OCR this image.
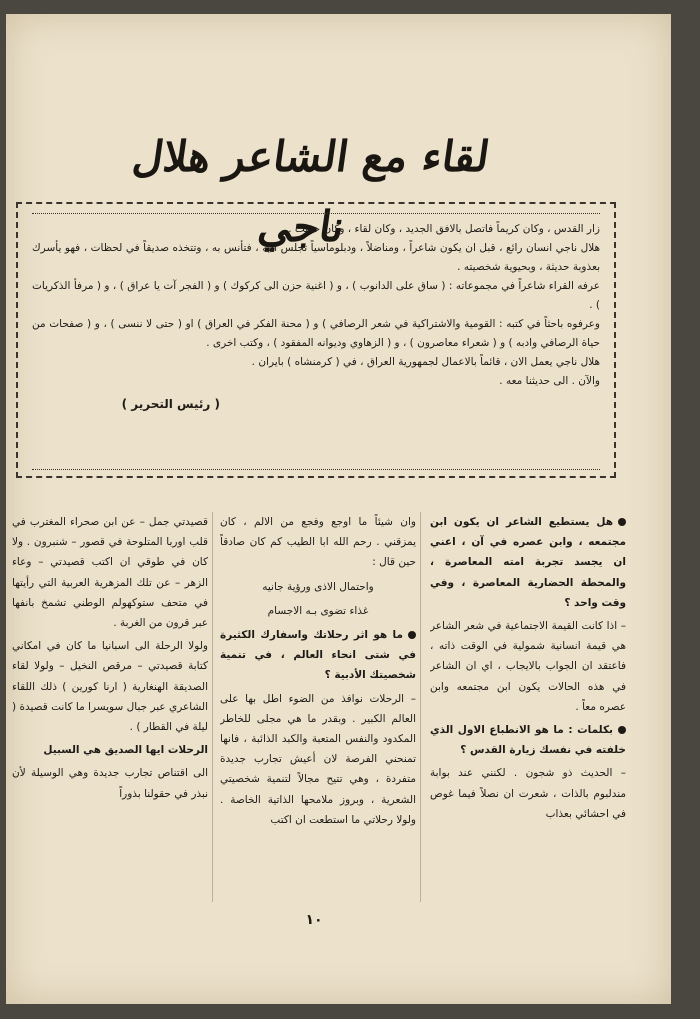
لقاء مع الشاعر هلال ناجي

زار القدس ، وكان كريماً فاتصل بالافق الجديد ، وكان لقاء ، وكان حديث .

هلال ناجي انسان رائع ، قبل ان يكون شاعراً ، ومناضلاً ، ودبلوماسياً تجلس اليه ، فتأنس به ، وتتخذه صديقاً في لحظات ، فهو يأسرك بعذوبة حديثة ، وبحيوية شخصيته .

عرفه القراء شاعراً في مجموعاته : ( ساق على الدانوب ) ، و ( اغنية حزن الى كركوك ) و ( الفجر آت يا عراق ) ، و ( مرفأ الذكريات ) .

وعرفوه باحثاً في كتبه : القومية والاشتراكية في شعر الرصافي ) و ( محنة الفكر في العراق ) او ( حتى لا ننسى ) ، و ( صفحات من حياة الرصافي وادبه ) و ( شعراء معاصرون ) ، و ( الزهاوي وديوانه المفقود ) ، وكتب اخرى .

هلال ناجي يعمل الان ، قائماً بالاعمال لجمهورية العراق ، في ( كرمنشاه ) بايران .

والآن . الى حديثنا معه .

( رئيس التحرير )

هل يستطيع الشاعر ان يكون ابن مجتمعه ، وابن عصره في آن ، اعني ان يجسد تجربة امته المعاصرة ، والمحطة الحضارية المعاصرة ، وفي وقت واحد ؟

– اذا كانت القيمة الاجتماعية في شعر الشاعر هي قيمة انسانية شمولية في الوقت ذاته ، فاعتقد ان الجواب بالايجاب ، اي ان الشاعر في هذه الحالات يكون ابن مجتمعه وابن عصره معاً .

بكلمات : ما هو الانطباع الاول الذي خلفته في نفسك زيارة القدس ؟

– الحديث ذو شجون . لكنني عند بوابة مندلبوم بالذات ، شعرت ان نصلاً فيما غوص في احشائي بعذاب

وان شيئاً ما اوجع وفجع من الالم ، كان يمزقني . رحم الله ابا الطيب كم كان صادقاً حين قال :

واحتمال الاذى ورؤية جانيه

غذاء تضوى بـه الاجسام

ما هو اثر رحلاتك واسفارك الكثيرة في شتى انحاء العالم ، في تنمية شخصيتك الأدبية ؟

– الرحلات نوافذ من الضوء اطل بها على العالم الكبير . وبقدر ما هي مجلى للخاطر المكدود والنفس المتعبة والكبد الذائبة ، فانها تمنحني الفرصة لان أعيش تجارب جديدة متفردة ، وهي تتيح مجالاً لتنمية شخصيتي الشعرية ، وبروز ملامحها الذاتية الخاصة . ولولا رحلاتي ما استطعت ان اكتب

قصيدتي جمل – عن ابن صحراء المغترب في قلب اوربا المتلوحة في قصور – شنبرون . ولا كان في طوقي ان اكتب قصيدتي – وعاء الزهر – عن تلك المزهرية العربية التي رأيتها في متحف ستوكهولم الوطني تشمخ بانفها عبر قرون من الغربة .

ولولا الرحلة الى اسبانيا ما كان في امكاني كتابة قصيدتي – مرقص النخيل – ولولا لقاء الصديقة الهنغارية ( ارنا كورين ) ذلك اللقاء الشاعري عبر جبال سويسرا ما كانت قصيدة ( ليلة في القطار ) .

الرحلات ايها الصديق هي السبيل

الى اقتناص تجارب جديدة وهي الوسيلة لأن نبذر في حقولنا بذوراً

١٠
